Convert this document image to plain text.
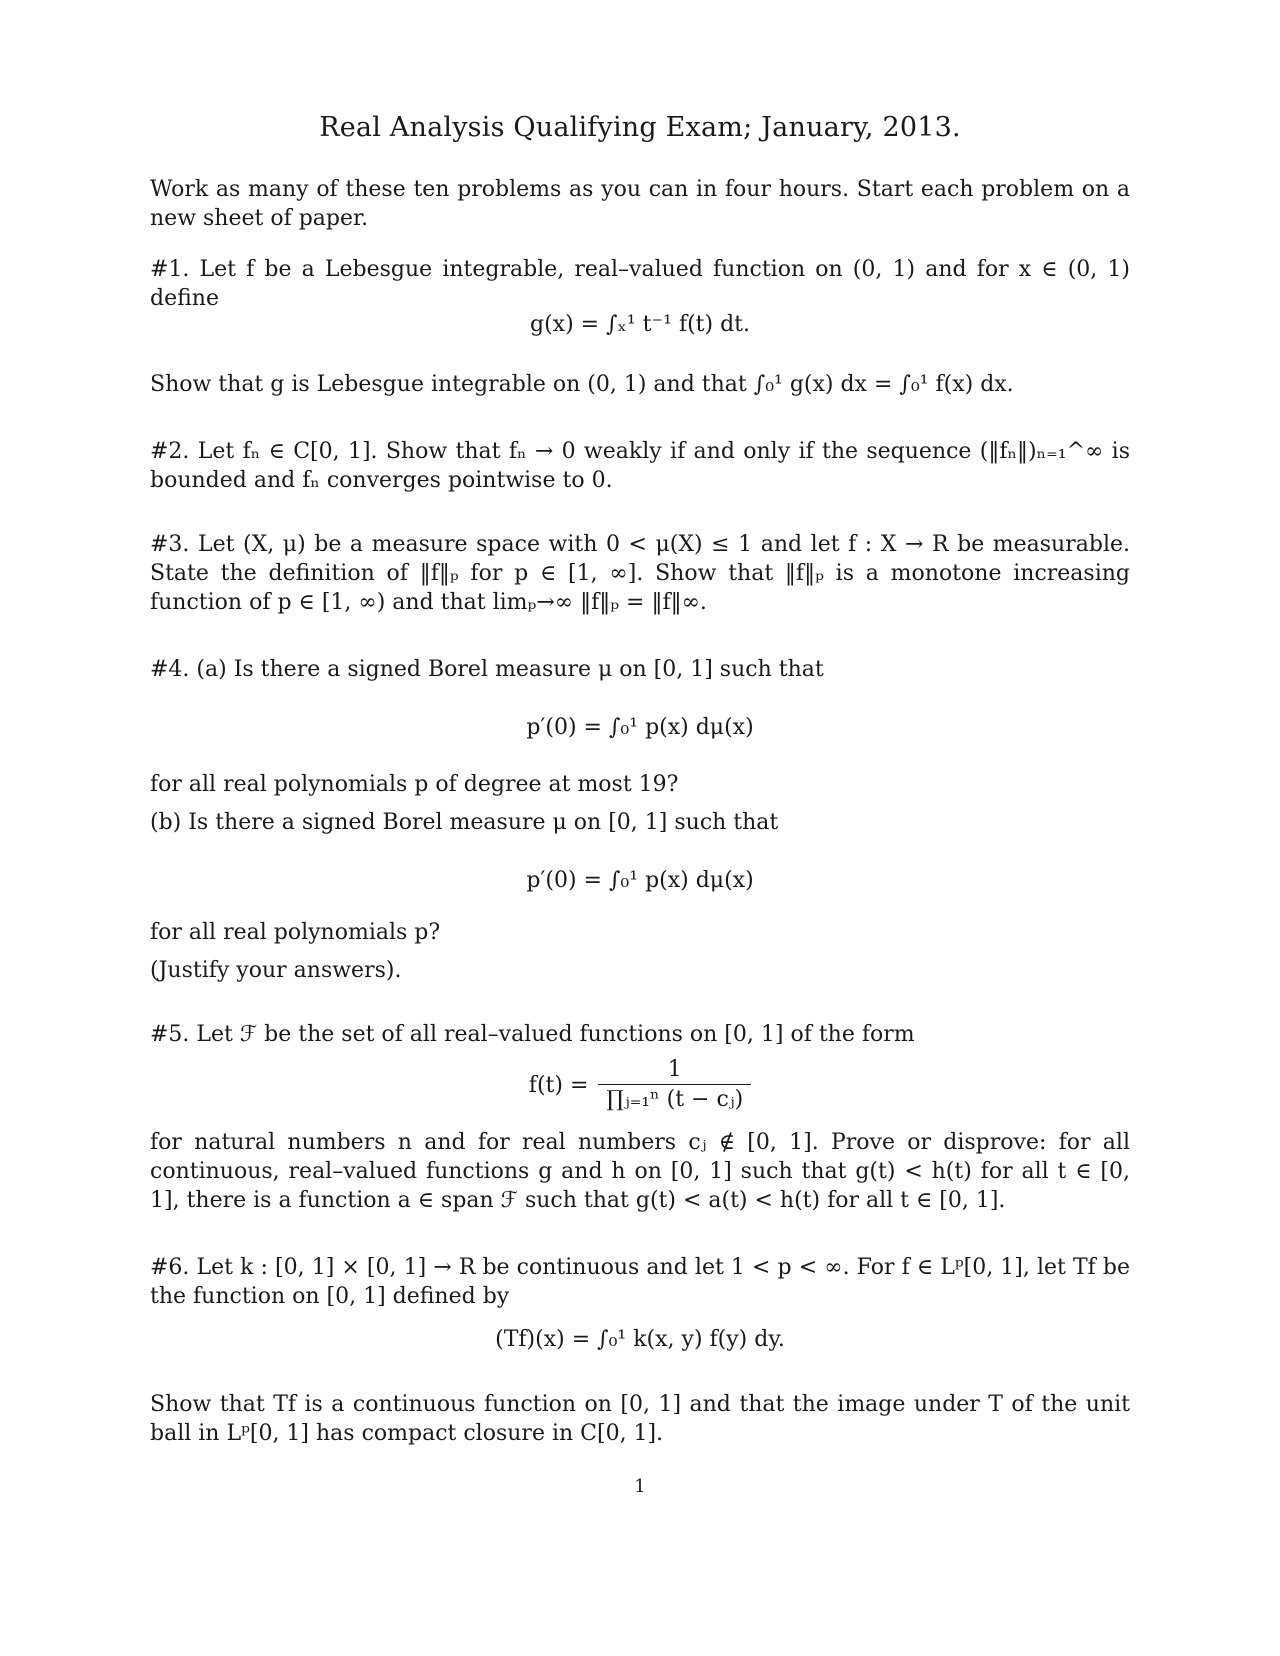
Real Analysis Qualifying Exam; January, 2013.
Work as many of these ten problems as you can in four hours. Start each problem on a new sheet of paper.
#1. Let f be a Lebesgue integrable, real–valued function on (0, 1) and for x ∈ (0, 1) define
g(x) = ∫ₓ¹ t⁻¹ f(t) dt.
Show that g is Lebesgue integrable on (0, 1) and that ∫₀¹ g(x) dx = ∫₀¹ f(x) dx.
#2. Let fₙ ∈ C[0, 1]. Show that fₙ → 0 weakly if and only if the sequence (‖fₙ‖)ₙ₌₁^∞ is bounded and fₙ converges pointwise to 0.
#3. Let (X, μ) be a measure space with 0 < μ(X) ≤ 1 and let f : X → R be measurable. State the definition of ‖f‖ₚ for p ∈ [1, ∞]. Show that ‖f‖ₚ is a monotone increasing function of p ∈ [1, ∞) and that limₚ→∞ ‖f‖ₚ = ‖f‖∞.
#4. (a) Is there a signed Borel measure μ on [0, 1] such that
p′(0) = ∫₀¹ p(x) dμ(x)
for all real polynomials p of degree at most 19?
(b) Is there a signed Borel measure μ on [0, 1] such that
p′(0) = ∫₀¹ p(x) dμ(x)
for all real polynomials p?
(Justify your answers).
#5. Let ℱ be the set of all real–valued functions on [0, 1] of the form
f(t) =
1
∏ⱼ₌₁ⁿ (t − cⱼ)
for natural numbers n and for real numbers cⱼ ∉ [0, 1]. Prove or disprove: for all continuous, real–valued functions g and h on [0, 1] such that g(t) < h(t) for all t ∈ [0, 1], there is a function a ∈ span ℱ such that g(t) < a(t) < h(t) for all t ∈ [0, 1].
#6. Let k : [0, 1] × [0, 1] → R be continuous and let 1 < p < ∞. For f ∈ Lᵖ[0, 1], let Tf be the function on [0, 1] defined by
(Tf)(x) = ∫₀¹ k(x, y) f(y) dy.
Show that Tf is a continuous function on [0, 1] and that the image under T of the unit ball in Lᵖ[0, 1] has compact closure in C[0, 1].
1
